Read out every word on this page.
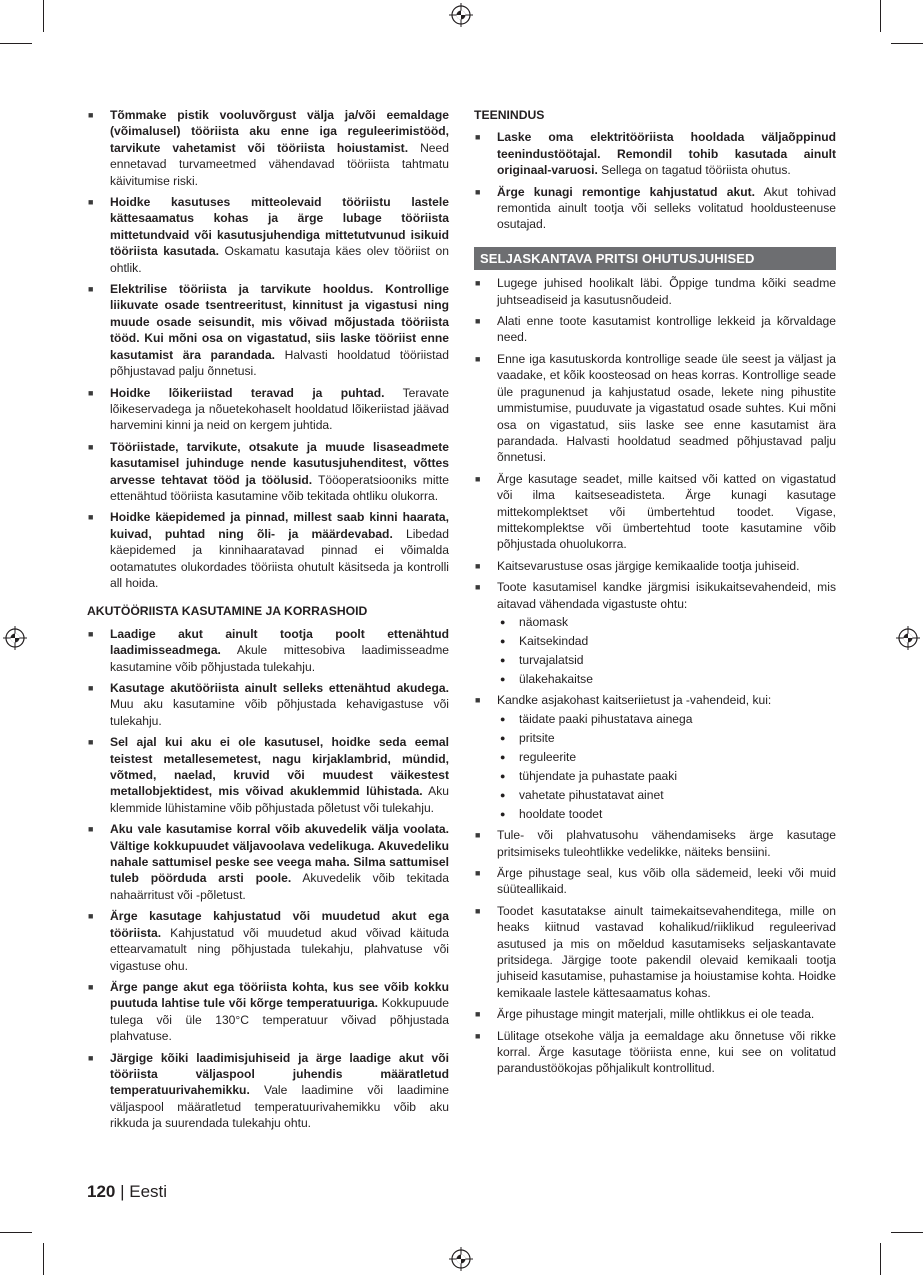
■ Tõmmake pistik vooluvõrgust välja ja/või eemaldage (võimalusel) tööriista aku enne iga reguleerimistööd, tarvikute vahetamist või tööriista hoiustamist. Need ennetavad turvameetmed vähendavad tööriista tahtmatu käivitumise riski.
■ Hoidke kasutuses mitteolevaid tööriistu lastele kättesaamatus kohas ja ärge lubage tööriista mittetundvaid või kasutusjuhendiga mittetutvunud isikuid tööriista kasutada. Oskamatu kasutaja käes olev tööriist on ohtlik.
■ Elektrilise tööriista ja tarvikute hooldus. Kontrollige liikuvate osade tsentreeritust, kinnitust ja vigastusi ning muude osade seisundit, mis võivad mõjustada tööriista tööd. Kui mõni osa on vigastatud, siis laske tööriist enne kasutamist ära parandada. Halvasti hooldatud tööriistad põhjustavad palju õnnetusi.
■ Hoidke lõikeriistad teravad ja puhtad. Teravate lõikeservadega ja nõuetekohaselt hooldatud lõikeriistad jäävad harvemini kinni ja neid on kergem juhtida.
■ Tööriistade, tarvikute, otsakute ja muude lisaseadmete kasutamisel juhinduge nende kasutusjuhenditest, võttes arvesse tehtavat tööd ja töölusid. Tööoperatsiooniks mitte ettenähtud tööriista kasutamine võib tekitada ohtliku olukorra.
■ Hoidke käepidemed ja pinnad, millest saab kinni haarata, kuivad, puhtad ning õli- ja määrdevabad. Libedad käepidemed ja kinnihaaratavad pinnad ei võimalda ootamatutes olukordades tööriista ohutult käsitseda ja kontrolli all hoida.
AKUTÖÖRIISTA KASUTAMINE JA KORRASHOID
■ Laadige akut ainult tootja poolt ettenähtud laadimisseadmega. Akule mittesobiva laadimisseadme kasutamine võib põhjustada tulekahju.
■ Kasutage akutööriista ainult selleks ettenähtud akudega. Muu aku kasutamine võib põhjustada kehavigastuse või tulekahju.
■ Sel ajal kui aku ei ole kasutusel, hoidke seda eemal teistest metallesemetest, nagu kirjaklambrid, mündid, võtmed, naelad, kruvid või muudest väikestest metallobjektidest, mis võivad akuklemmid lühistada. Aku klemmide lühistamine võib põhjustada põletust või tulekahju.
■ Aku vale kasutamise korral võib akuvedelik välja voolata. Vältige kokkupuudet väljavoolava vedelikuga. Akuvedeliku nahale sattumisel peske see veega maha. Silma sattumisel tuleb pöörduda arsti poole. Akuvedelik võib tekitada nahaärritust või -põletust.
■ Ärge kasutage kahjustatud või muudetud akut ega tööriista. Kahjustatud või muudetud akud võivad käituda ettearvamatult ning põhjustada tulekahju, plahvatuse või vigastuse ohu.
■ Ärge pange akut ega tööriista kohta, kus see võib kokku puutuda lahtise tule või kõrge temperatuuriga. Kokkupuude tulega või üle 130°C temperatuur võivad põhjustada plahvatuse.
■ Järgige kõiki laadimisjuhiseid ja ärge laadige akut või tööriista väljaspool juhendis määratletud temperatuurivahemikku. Vale laadimine või laadimine väljaspool määratletud temperatuurivahemikku võib aku rikkuda ja suurendada tulekahju ohtu.
TEENINDUS
■ Laske oma elektritööriista hooldada väljaõppinud teenindustöötajal. Remondil tohib kasutada ainult originaal-varuosi. Sellega on tagatud tööriista ohutus.
■ Ärge kunagi remontige kahjustatud akut. Akut tohivad remontida ainult tootja või selleks volitatud hooldusteenuse osutajad.
SELJASKANTAVA PRITSI OHUTUSJUHISED
■ Lugege juhised hoolikalt läbi. Õppige tundma kõiki seadme juhtseadiseid ja kasutusnõudeid.
■ Alati enne toote kasutamist kontrollige lekkeid ja kõrvaldage need.
■ Enne iga kasutuskorda kontrollige seade üle seest ja väljast ja vaadake, et kõik koosteosad on heas korras. Kontrollige seade üle pragunenud ja kahjustatud osade, lekete ning pihustite ummistumise, puuduvate ja vigastatud osade suhtes. Kui mõni osa on vigastatud, siis laske see enne kasutamist ära parandada. Halvasti hooldatud seadmed põhjustavad palju õnnetusi.
■ Ärge kasutage seadet, mille kaitsed või katted on vigastatud või ilma kaitseseadisteta. Ärge kunagi kasutage mittekomplektset või ümbertehtud toodet. Vigase, mittekomplektse või ümbertehtud toote kasutamine võib põhjustada ohuolukorra.
■ Kaitsevarustuse osas järgige kemikaalide tootja juhiseid.
■ Toote kasutamisel kandke järgmisi isikukaitsevahendeid, mis aitavad vähendada vigastuste ohtu:
● näomask
● Kaitsekindad
● turvajalatsid
● ülakehakaitse
■ Kandke asjakohast kaitseriietust ja -vahendeid, kui:
● täidate paaki pihustatava ainega
● pritsite
● reguleerite
● tühjendate ja puhastate paaki
● vahetate pihustatavat ainet
● hooldate toodet
■ Tule- või plahvatusohu vähendamiseks ärge kasutage pritsimiseks tuleohtlikke vedelikke, näiteks bensiini.
■ Ärge pihustage seal, kus võib olla sädemeid, leeki või muid süüteallikaid.
■ Toodet kasutatakse ainult taimekaitsevahenditega, mille on heaks kiitnud vastavad kohalikud/riiklikud reguleerivad asutused ja mis on mõeldud kasutamiseks seljaskantavate pritsidega. Järgige toote pakendil olevaid kemikaali tootja juhiseid kasutamise, puhastamise ja hoiustamise kohta. Hoidke kemikaale lastele kättesaamatus kohas.
■ Ärge pihustage mingit materjali, mille ohtlikkus ei ole teada.
■ Lülitage otsekohe välja ja eemaldage aku õnnetuse või rikke korral. Ärge kasutage tööriista enne, kui see on volitatud parandustöökojas põhjalikult kontrollitud.
120 | Eesti
